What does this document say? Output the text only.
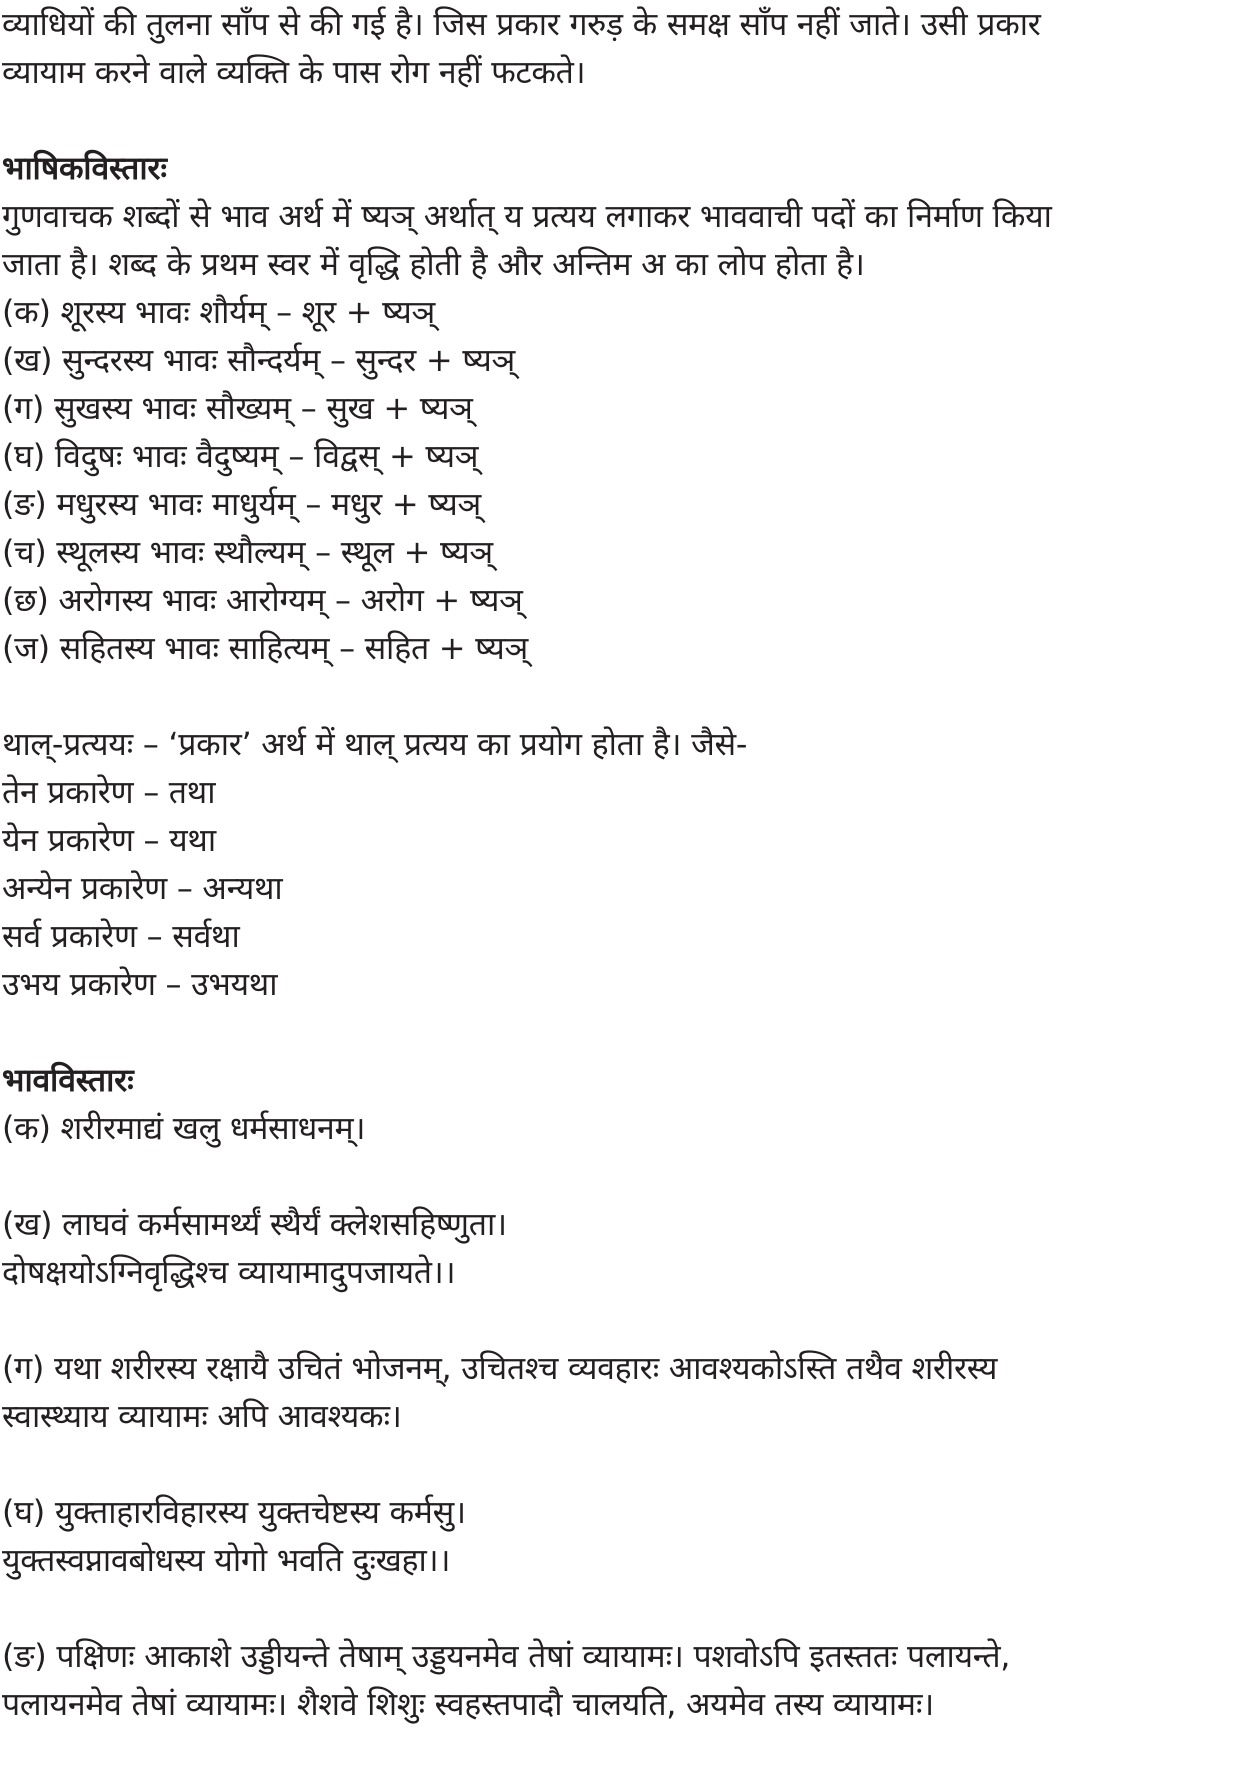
व्याधियों की तुलना साँप से की गई है। जिस प्रकार गरुड़ के समक्ष साँप नहीं जाते। उसी प्रकार
व्यायाम करने वाले व्यक्ति के पास रोग नहीं फटकते।
भाषिकविस्तारः
गुणवाचक शब्दों से भाव अर्थ में ष्यञ् अर्थात् य प्रत्यय लगाकर भाववाची पदों का निर्माण किया
जाता है। शब्द के प्रथम स्वर में वृद्धि होती है और अन्तिम अ का लोप होता है।
(क) शूरस्य भावः शौर्यम् – शूर + ष्यञ्
(ख) सुन्दरस्य भावः सौन्दर्यम् – सुन्दर + ष्यञ्
(ग) सुखस्य भावः सौख्यम् – सुख + ष्यञ्
(घ) विदुषः भावः वैदुष्यम् – विद्वस् + ष्यञ्
(ङ) मधुरस्य भावः माधुर्यम् – मधुर + ष्यञ्
(च) स्थूलस्य भावः स्थौल्यम् – स्थूल + ष्यञ्
(छ) अरोगस्य भावः आरोग्यम् – अरोग + ष्यञ्
(ज) सहितस्य भावः साहित्यम् – सहित + ष्यञ्
थाल्-प्रत्ययः – ‘प्रकार’ अर्थ में थाल् प्रत्यय का प्रयोग होता है। जैसे-
तेन प्रकारेण – तथा
येन प्रकारेण – यथा
अन्येन प्रकारेण – अन्यथा
सर्व प्रकारेण – सर्वथा
उभय प्रकारेण – उभयथा
भावविस्तारः
(क) शरीरमाद्यं खलु धर्मसाधनम्।
(ख) लाघवं कर्मसामर्थ्यं स्थैर्यं क्लेशसहिष्णुता।
दोषक्षयोऽग्निवृद्धिश्च व्यायामादुपजायते।।
(ग) यथा शरीरस्य रक्षायै उचितं भोजनम्, उचितश्च व्यवहारः आवश्यकोऽस्ति तथैव शरीरस्य
स्वास्थ्याय व्यायामः अपि आवश्यकः।
(घ) युक्ताहारविहारस्य युक्तचेष्टस्य कर्मसु।
युक्तस्वप्नावबोधस्य योगो भवति दुःखहा।।
(ङ) पक्षिणः आकाशे उड्डीयन्ते तेषाम् उड्डयनमेव तेषां व्यायामः। पशवोऽपि इतस्ततः पलायन्ते,
पलायनमेव तेषां व्यायामः। शैशवे शिशुः स्वहस्तपादौ चालयति, अयमेव तस्य व्यायामः।
